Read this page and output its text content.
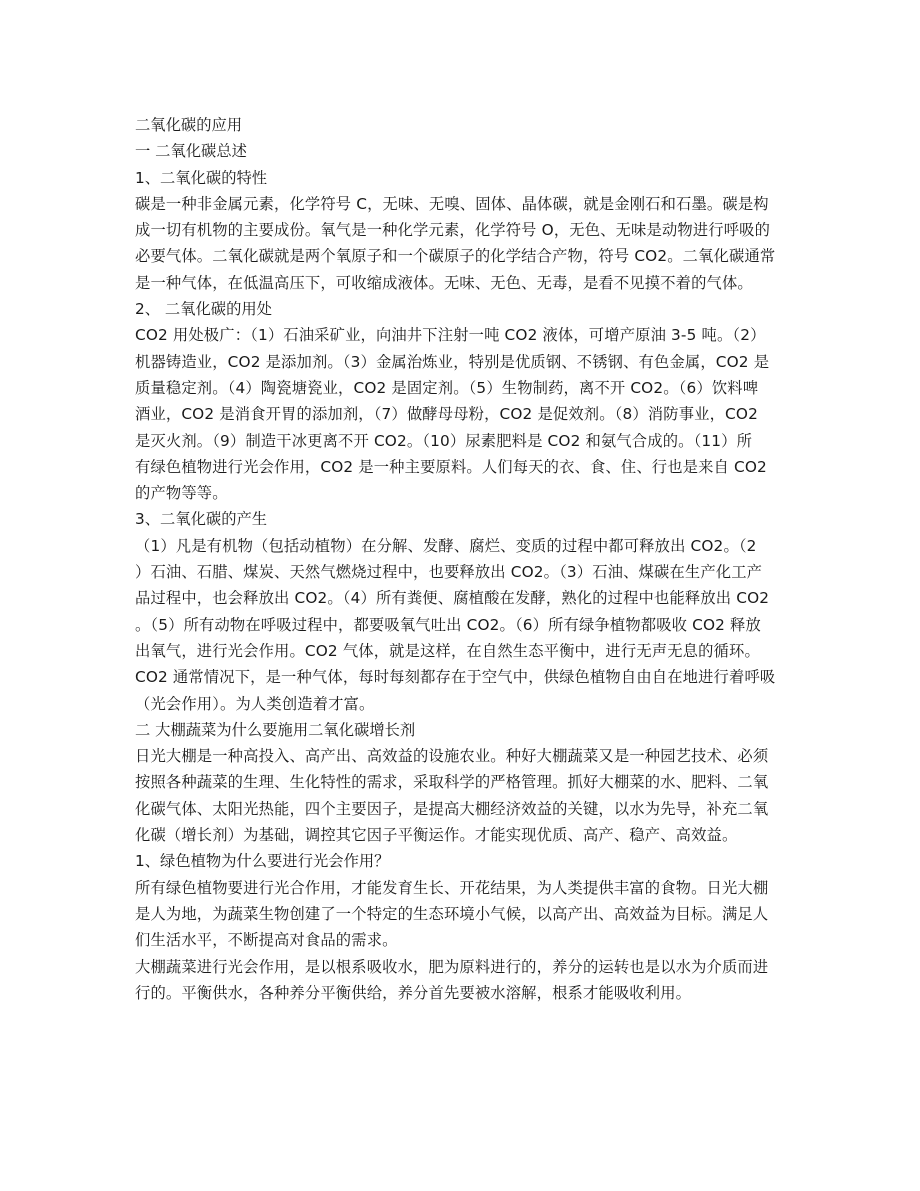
二氧化碳的应用
一 二氧化碳总述
1、二氧化碳的特性
碳是一种非金属元素，化学符号 C，无味、无嗅、固体、晶体碳，就是金刚石和石墨。碳是构
成一切有机物的主要成份。氧气是一种化学元素，化学符号 O，无色、无味是动物进行呼吸的
必要气体。二氧化碳就是两个氧原子和一个碳原子的化学结合产物，符号 CO2。二氧化碳通常
是一种气体，在低温高压下，可收缩成液体。无味、无色、无毒，是看不见摸不着的气体。
2、 二氧化碳的用处
CO2 用处极广：（1）石油采矿业，向油井下注射一吨 CO2 液体，可增产原油 3-5 吨。（2）
机器铸造业，CO2 是添加剂。（3）金属治炼业，特别是优质钢、不锈钢、有色金属，CO2 是
质量稳定剂。（4）陶瓷塘瓷业，CO2 是固定剂。（5）生物制药，离不开 CO2。（6）饮料啤
酒业，CO2 是消食开胃的添加剂，（7）做酵母母粉，CO2 是促效剂。（8）消防事业，CO2
是灭火剂。（9）制造干冰更离不开 CO2。（10）尿素肥料是 CO2 和氨气合成的。（11）所
有绿色植物进行光会作用，CO2 是一种主要原料。人们每天的衣、食、住、行也是来自 CO2
的产物等等。
3、二氧化碳的产生
（1）凡是有机物（包括动植物）在分解、发酵、腐烂、变质的过程中都可释放出 CO2。（2
）石油、石腊、煤炭、天然气燃烧过程中，也要释放出 CO2。（3）石油、煤碳在生产化工产
品过程中，也会释放出 CO2。（4）所有粪便、腐植酸在发酵，熟化的过程中也能释放出 CO2
。（5）所有动物在呼吸过程中，都要吸氧气吐出 CO2。（6）所有绿争植物都吸收 CO2 释放
出氧气，进行光会作用。CO2 气体，就是这样，在自然生态平衡中，进行无声无息的循环。
CO2 通常情况下，是一种气体，每时每刻都存在于空气中，供绿色植物自由自在地进行着呼吸
（光会作用）。为人类创造着才富。
二 大棚蔬菜为什么要施用二氧化碳增长剂
日光大棚是一种高投入、高产出、高效益的设施农业。种好大棚蔬菜又是一种园艺技术、必须
按照各种蔬菜的生理、生化特性的需求，采取科学的严格管理。抓好大棚菜的水、肥料、二氧
化碳气体、太阳光热能，四个主要因子，是提高大棚经济效益的关键，以水为先导，补充二氧
化碳（增长剂）为基础，调控其它因子平衡运作。才能实现优质、高产、稳产、高效益。
1、绿色植物为什么要进行光会作用？
所有绿色植物要进行光合作用，才能发育生长、开花结果，为人类提供丰富的食物。日光大棚
是人为地，为蔬菜生物创建了一个特定的生态环境小气候，以高产出、高效益为目标。满足人
们生活水平，不断提高对食品的需求。
大棚蔬菜进行光会作用，是以根系吸收水，肥为原料进行的，养分的运转也是以水为介质而进
行的。平衡供水，各种养分平衡供给，养分首先要被水溶解，根系才能吸收利用。
